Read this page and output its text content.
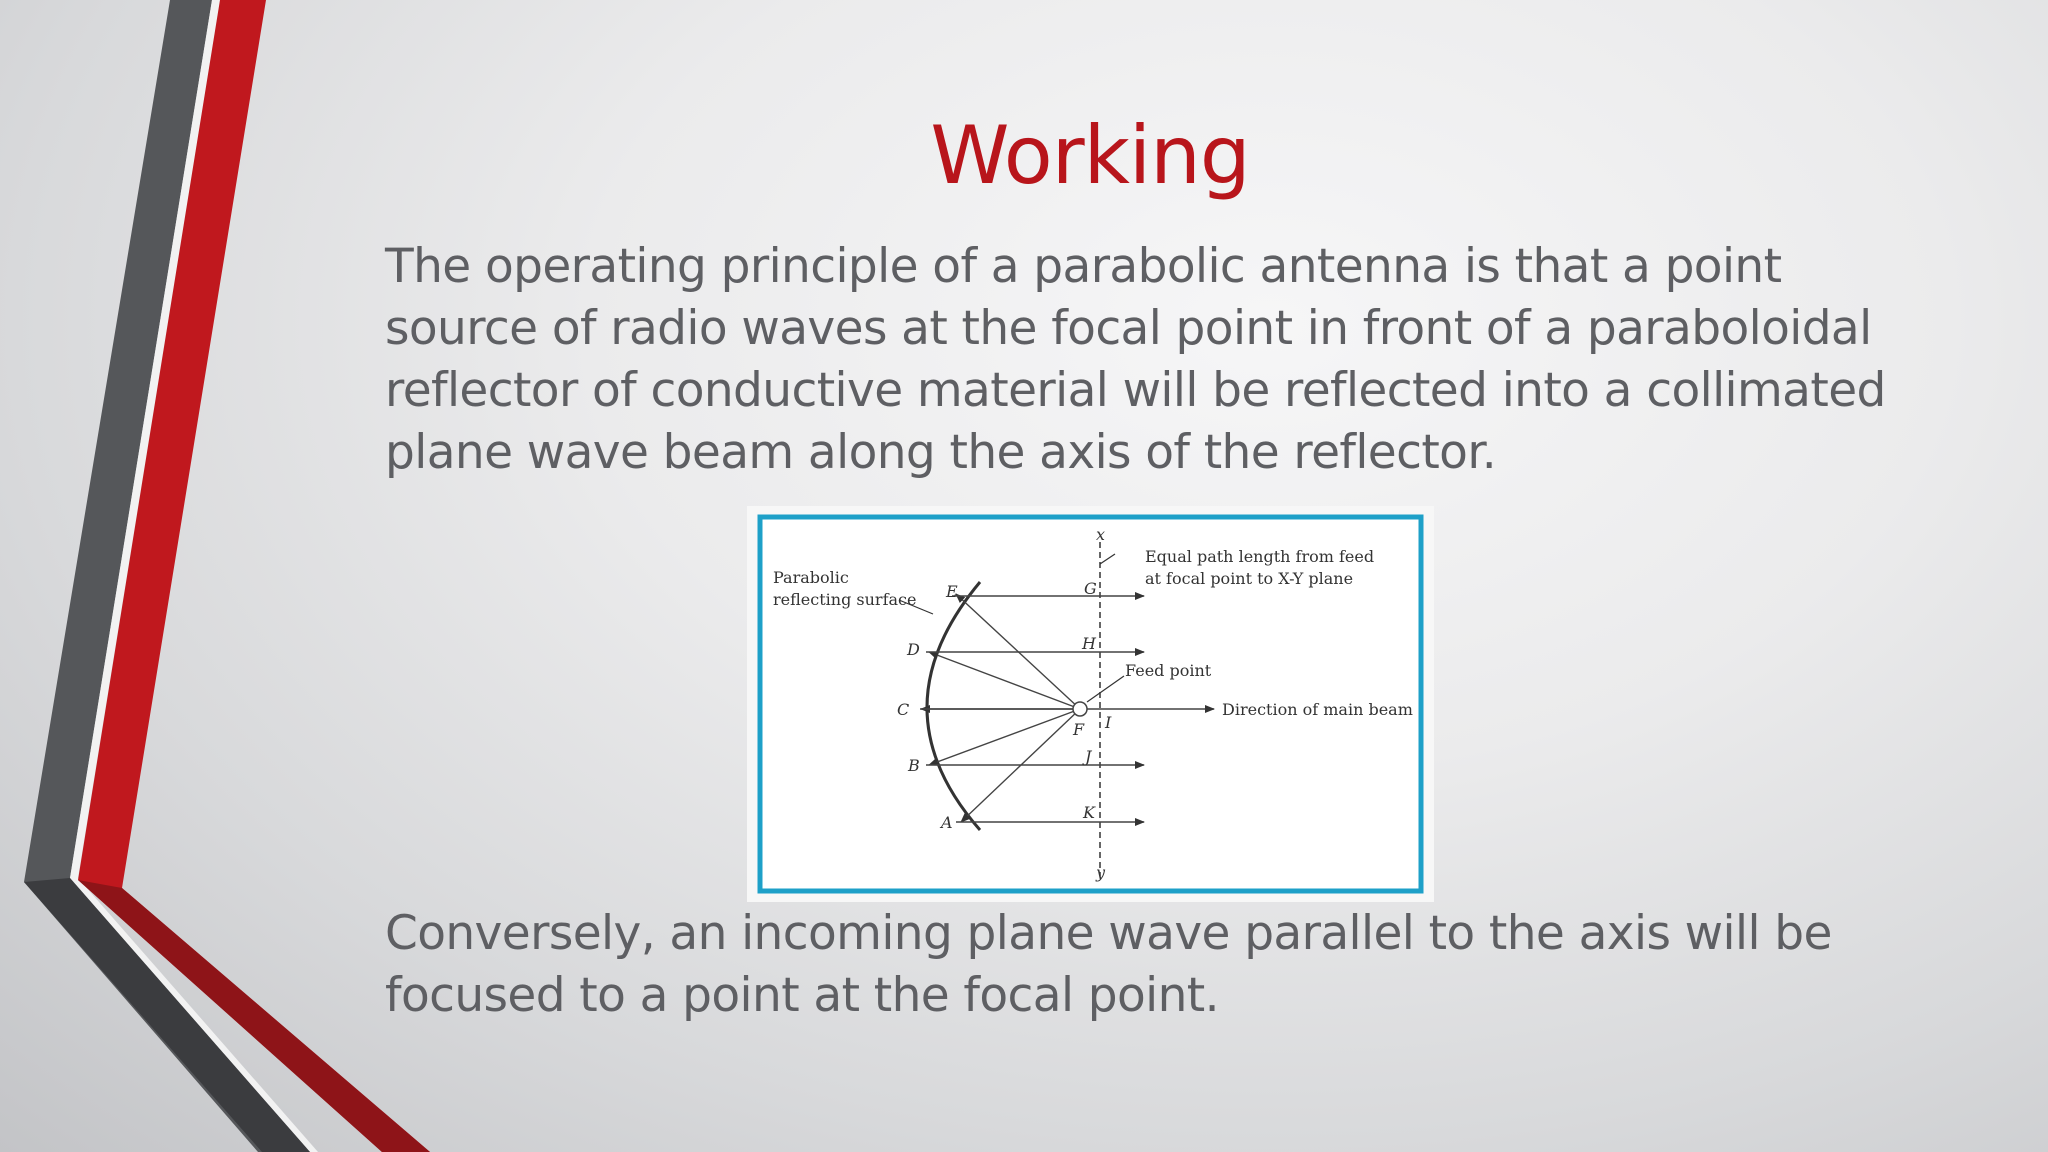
Working

The operating principle of a parabolic antenna is that a point source of radio waves at the focal point in front of a paraboloidal reflector of conductive material will be reflected into a collimated plane wave beam along the axis of the reflector.

Parabolic
reflecting surface
Equal path length from feed
at focal point to X-Y plane
Feed point
Direction of main beam
E
D
C
B
A
F
G
H
I
J
K
x
y

Conversely, an incoming plane wave parallel to the axis will be focused to a point at the focal point.
